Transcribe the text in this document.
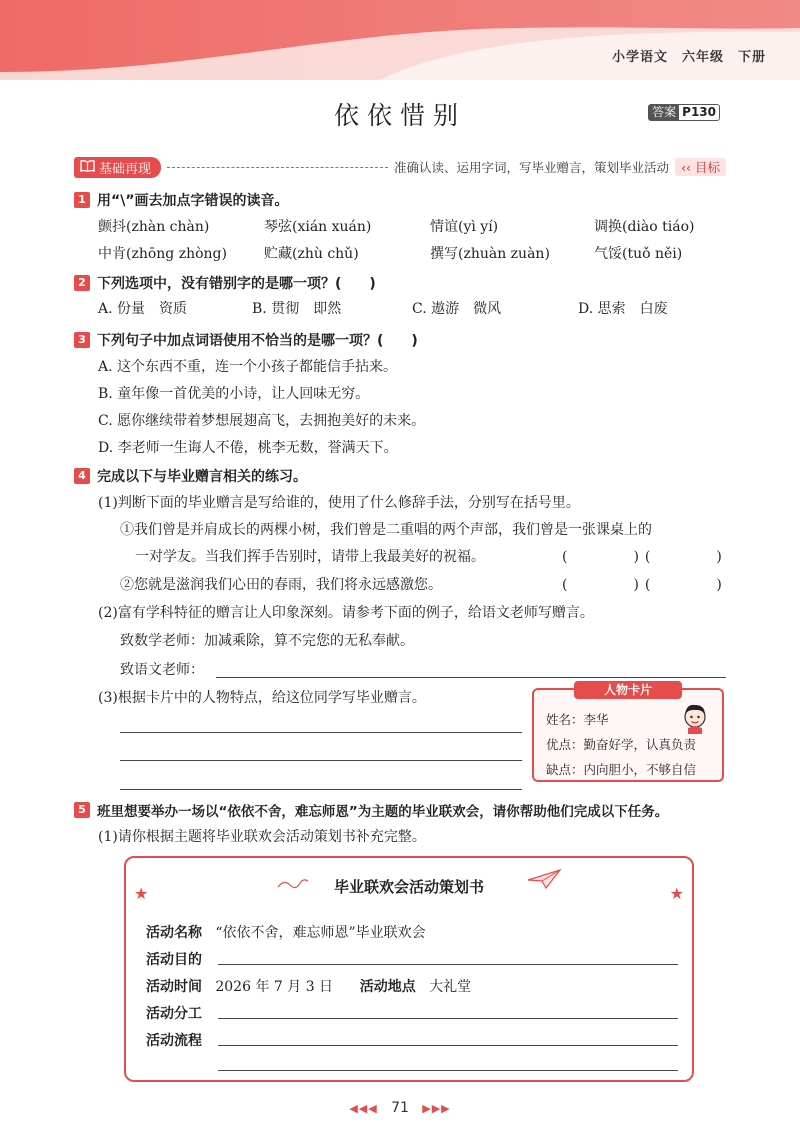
小学语文 六年级 下册
依依惜别	答案 P130
基础再现	准确认读、运用字词，写毕业赠言，策划毕业活动 ‹‹ 目标
1 用“\”画去加点字错误的读音。
颤抖(zhàn chàn)	琴弦(xián xuán)	情谊(yì yí)	调换(diào tiáo)
中肯(zhōng zhòng)	贮藏(zhù chǔ)	撰写(zhuàn zuàn)	气馁(tuǒ něi)
2 下列选项中，没有错别字的是哪一项？(　　)
A. 份量　资质	B. 贯彻　即然	C. 遨游　微风	D. 思索　白废
3 下列句子中加点词语使用不恰当的是哪一项？(　　)
A. 这个东西不重，连一个小孩子都能信手拈来。
B. 童年像一首优美的小诗，让人回味无穷。
C. 愿你继续带着梦想展翅高飞，去拥抱美好的未来。
D. 李老师一生诲人不倦，桃李无数，誉满天下。
4 完成以下与毕业赠言相关的练习。
(1)判断下面的毕业赠言是写给谁的，使用了什么修辞手法，分别写在括号里。
①我们曾是并肩成长的两棵小树，我们曾是二重唱的两个声部，我们曾是一张课桌上的
一对学友。当我们挥手告别时，请带上我最美好的祝福。	(　　　)(　　　)
②您就是滋润我们心田的春雨，我们将永远感激您。	(　　　)(　　　)
(2)富有学科特征的赠言让人印象深刻。请参考下面的例子，给语文老师写赠言。
致数学老师：加减乘除，算不完您的无私奉献。
致语文老师：
(3)根据卡片中的人物特点，给这位同学写毕业赠言。	人物卡片
姓名：李华
优点：勤奋好学，认真负责
缺点：内向胆小，不够自信
5 班里想要举办一场以“依依不舍，难忘师恩”为主题的毕业联欢会，请你帮助他们完成以下任务。
(1)请你根据主题将毕业联欢会活动策划书补充完整。
★	★
毕业联欢会活动策划书
活动名称 “依依不舍，难忘师恩”毕业联欢会
活动目的
活动时间 2026 年 7 月 3 日 活动地点 大礼堂
活动分工
活动流程
◀◀◀ 71 ▶▶▶
